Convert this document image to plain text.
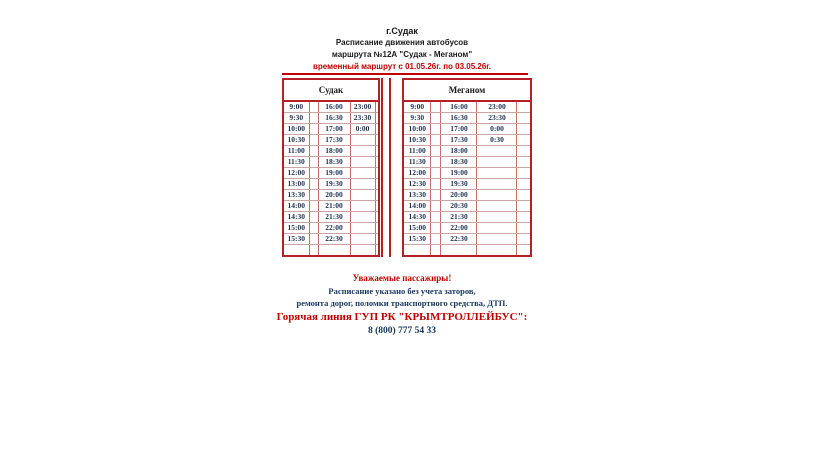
г.Судак
Расписание движения автобусов
маршрута №12А "Судак - Меганом"
временный маршрут с 01.05.26г. по 03.05.26г.
Судак				
9:00		16:00	23:00	
9:30		16:30	23:30	
10:00		17:00	0:00	
10:30		17:30		
11:00		18:00		
11:30		18:30		
12:00		19:00		
13:00		19:30		
13:30		20:00		
14:00		21:00		
14:30		21:30		
15:00		22:00		
15:30		22:30		

Меганом				
9:00		16:00	23:00	
9:30		16:30	23:30	
10:00		17:00	0:00	
10:30		17:30	0:30	
11:00		18:00		
11:30		18:30		
12:00		19:00		
12:30		19:30		
13:30		20:00		
14:00		20:30		
14:30		21:30		
15:00		22:00		
15:30		22:30		

Уважаемые пассажиры!
Расписание указано без учета заторов,
ремонта дорог, поломки транспортного средства, ДТП.
Горячая линия ГУП РК "КРЫМТРОЛЛЕЙБУС":
8 (800) 777 54 33
